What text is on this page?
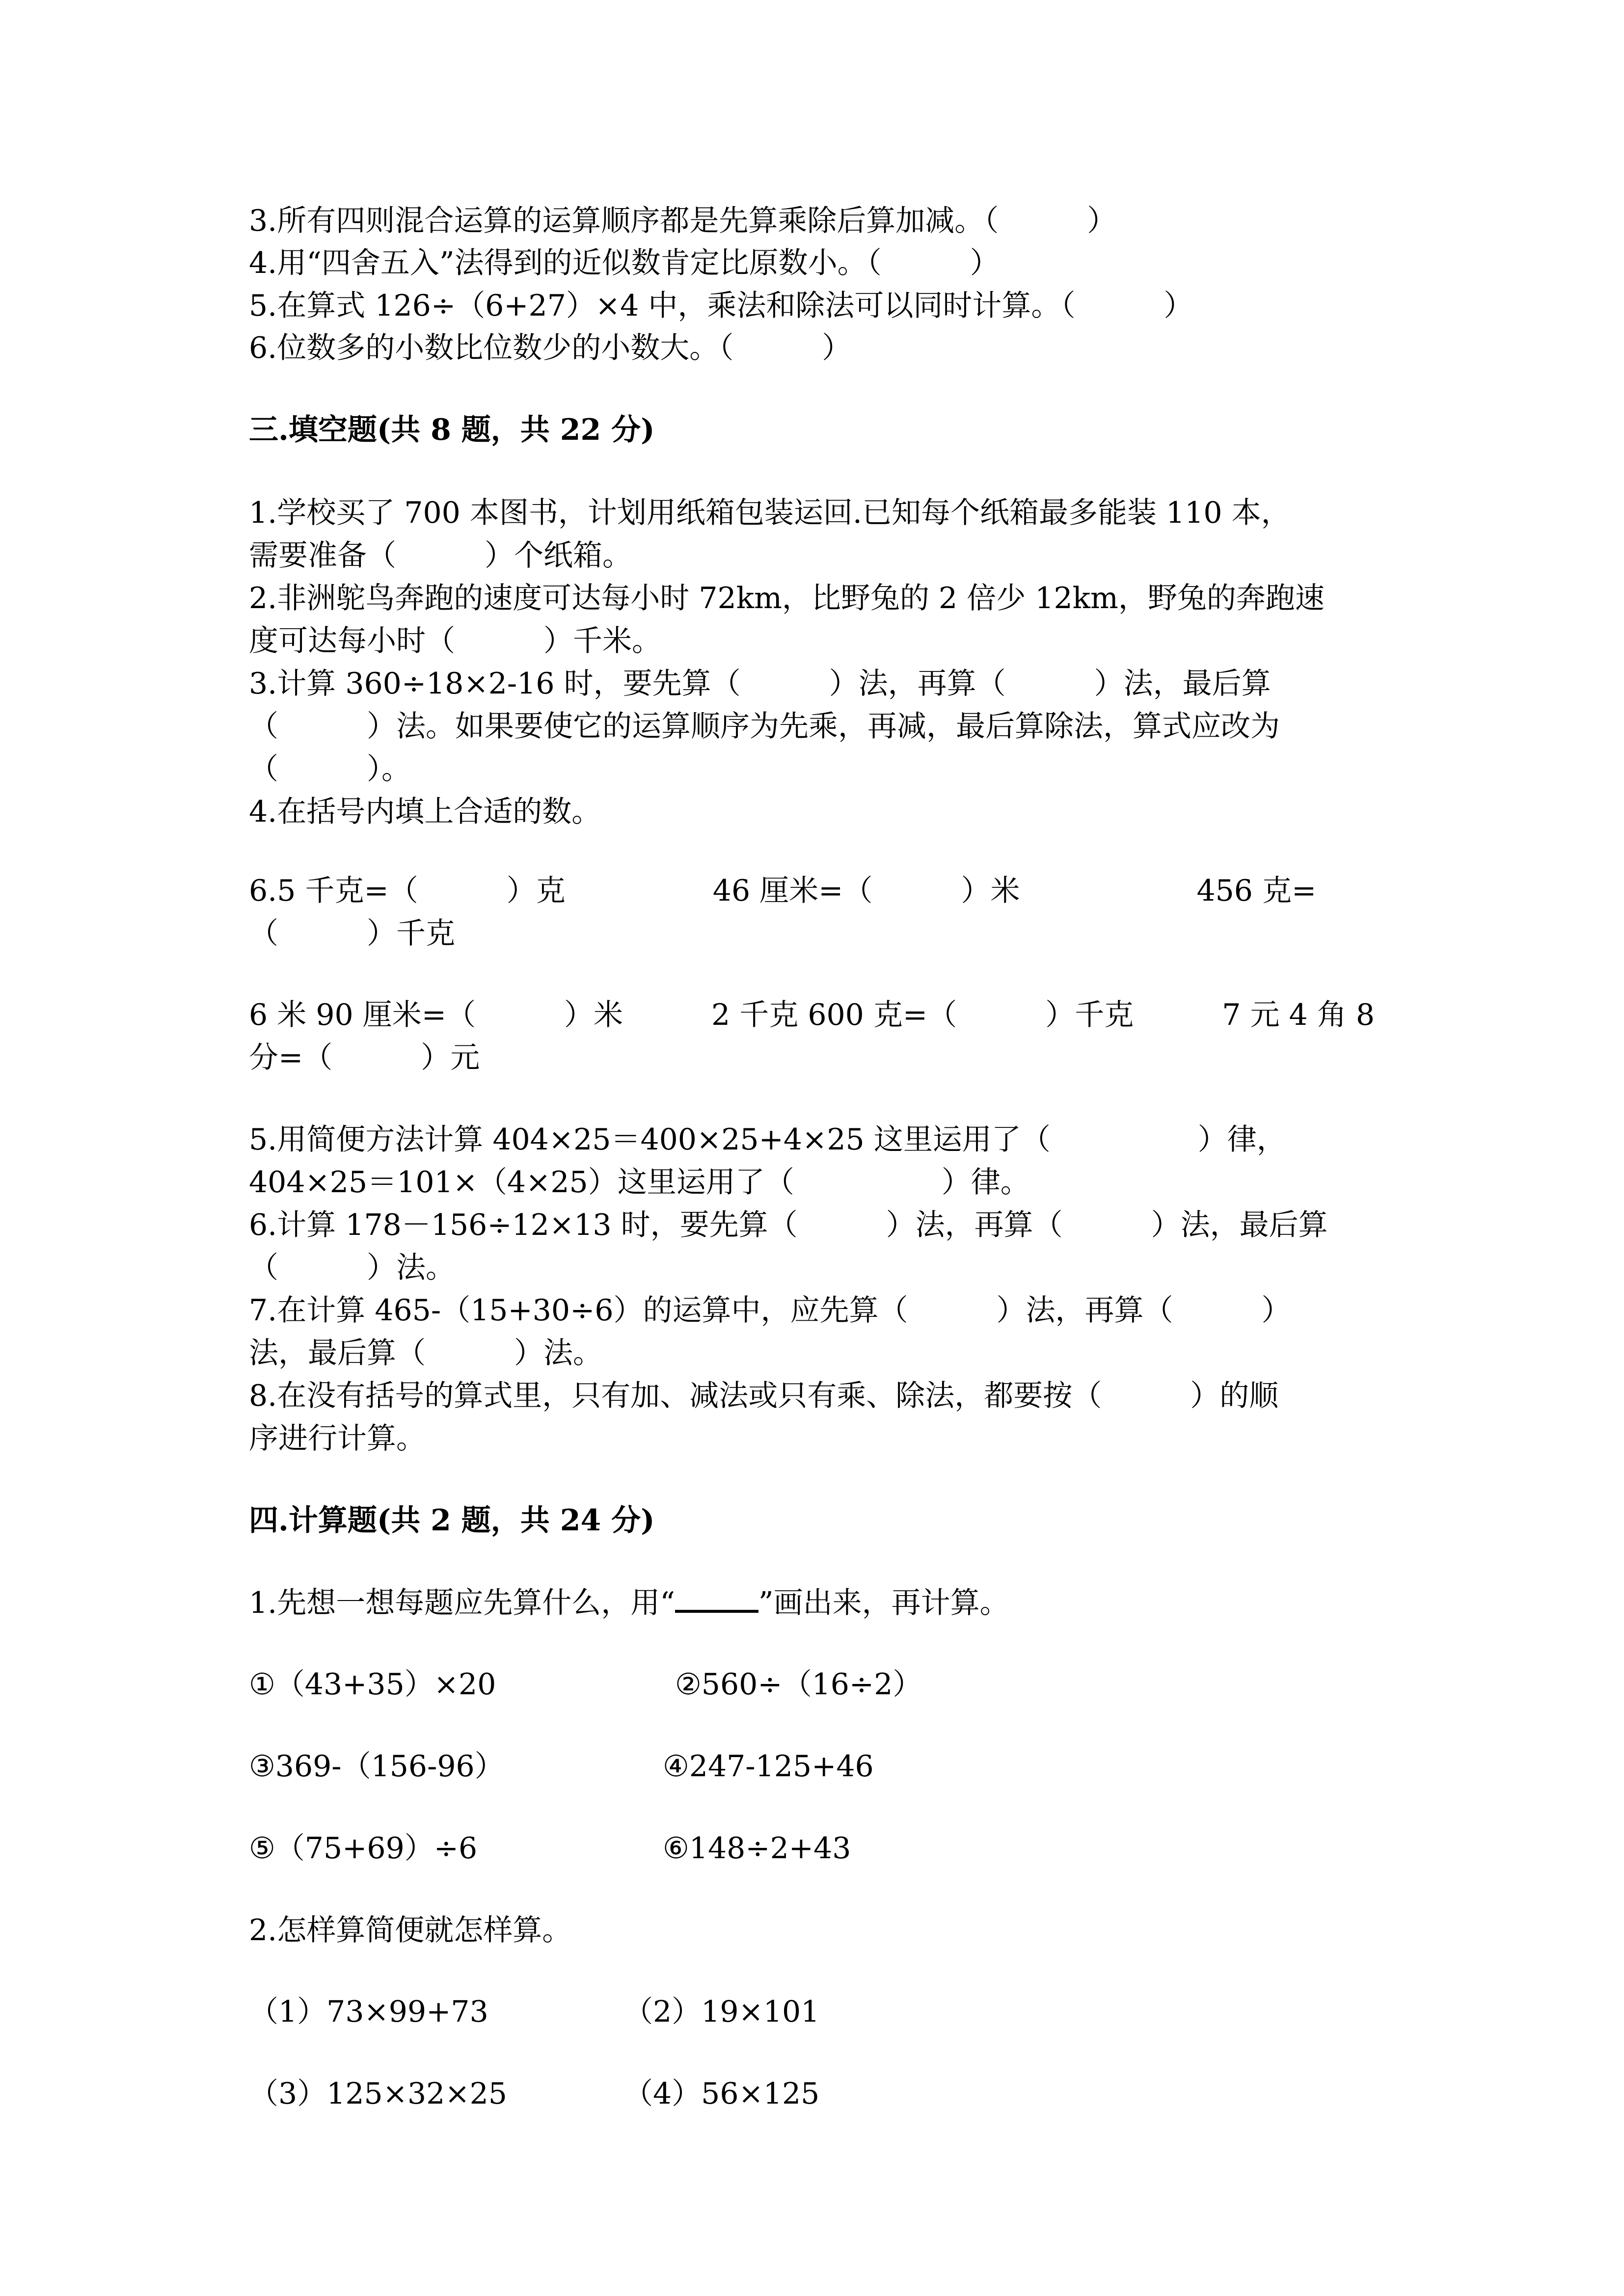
3.所有四则混合运算的运算顺序都是先算乘除后算加减。（　　　）

4.用“四舍五入”法得到的近似数肯定比原数小。（　　　）

5.在算式 126÷（6+27）×4 中，乘法和除法可以同时计算。（　　　）

6.位数多的小数比位数少的小数大。（　　　）

三.填空题(共 8 题，共 22 分)

1.学校买了 700 本图书，计划用纸箱包装运回.已知每个纸箱最多能装 110 本，

需要准备（　　　）个纸箱。

2.非洲鸵鸟奔跑的速度可达每小时 72km，比野兔的 2 倍少 12km，野兔的奔跑速

度可达每小时（　　　）千米。

3.计算 360÷18×2-16 时，要先算（　　　）法，再算（　　　）法，最后算

（　　　）法。如果要使它的运算顺序为先乘，再减，最后算除法，算式应改为

（　　　）。

4.在括号内填上合适的数。

6.5 千克=（　　　）克　　　　　46 厘米=（　　　）米　　　　　　456 克=

（　　　）千克

6 米 90 厘米=（　　　）米　　　2 千克 600 克=（　　　）千克　　　7 元 4 角 8

分=（　　　）元

5.用简便方法计算 404×25＝400×25+4×25 这里运用了（　　　　　）律，

404×25＝101×（4×25）这里运用了（　　　　　）律。

6.计算 178－156÷12×13 时，要先算（　　　）法，再算（　　　）法，最后算

（　　　）法。

7.在计算 465-（15+30÷6）的运算中，应先算（　　　）法，再算（　　　）

法，最后算（　　　）法。

8.在没有括号的算式里，只有加、减法或只有乘、除法，都要按（　　　）的顺

序进行计算。

四.计算题(共 2 题，共 24 分)

1.先想一想每题应先算什么，用“	”画出来，再计算。

①（43+35）×20	②560÷（16÷2）

③369-（156-96）	④247-125+46

⑤（75+69）÷6	⑥148÷2+43

2.怎样算简便就怎样算。

（1）73×99+73	（2）19×101

（3）125×32×25	（4）56×125
